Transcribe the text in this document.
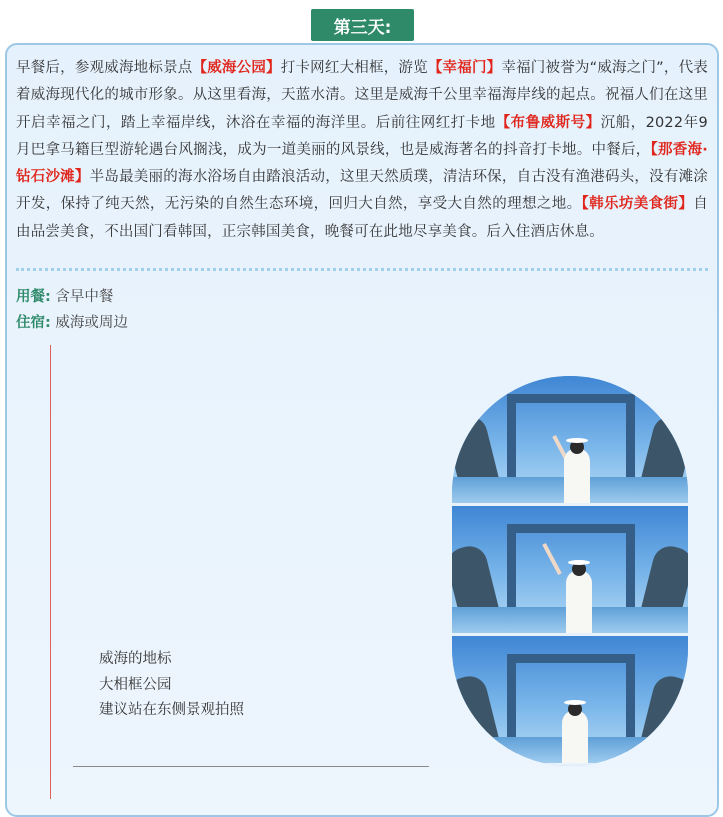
第三天:
早餐后，参观威海地标景点【威海公园】打卡网红大相框，游览【幸福门】幸福门被誉为“威海之门”，代表着威海现代化的城市形象。从这里看海，天蓝水清。这里是威海千公里幸福海岸线的起点。祝福人们在这里开启幸福之门，踏上幸福岸线，沐浴在幸福的海洋里。后前往网红打卡地【布鲁威斯号】沉船，2022年9月巴拿马籍巨型游轮遇台风搁浅，成为一道美丽的风景线，也是威海著名的抖音打卡地。中餐后，【那香海·钻石沙滩】半岛最美丽的海水浴场自由踏浪活动，这里天然质璞，清洁环保，自古没有渔港码头，没有滩涂开发，保持了纯天然，无污染的自然生态环境，回归大自然，享受大自然的理想之地。【韩乐坊美食街】自由品尝美食，不出国门看韩国，正宗韩国美食，晚餐可在此地尽享美食。后入住酒店休息。
用餐: 含早中餐
住宿: 威海或周边
威海的地标
大相框公园
建议站在东侧景观拍照
